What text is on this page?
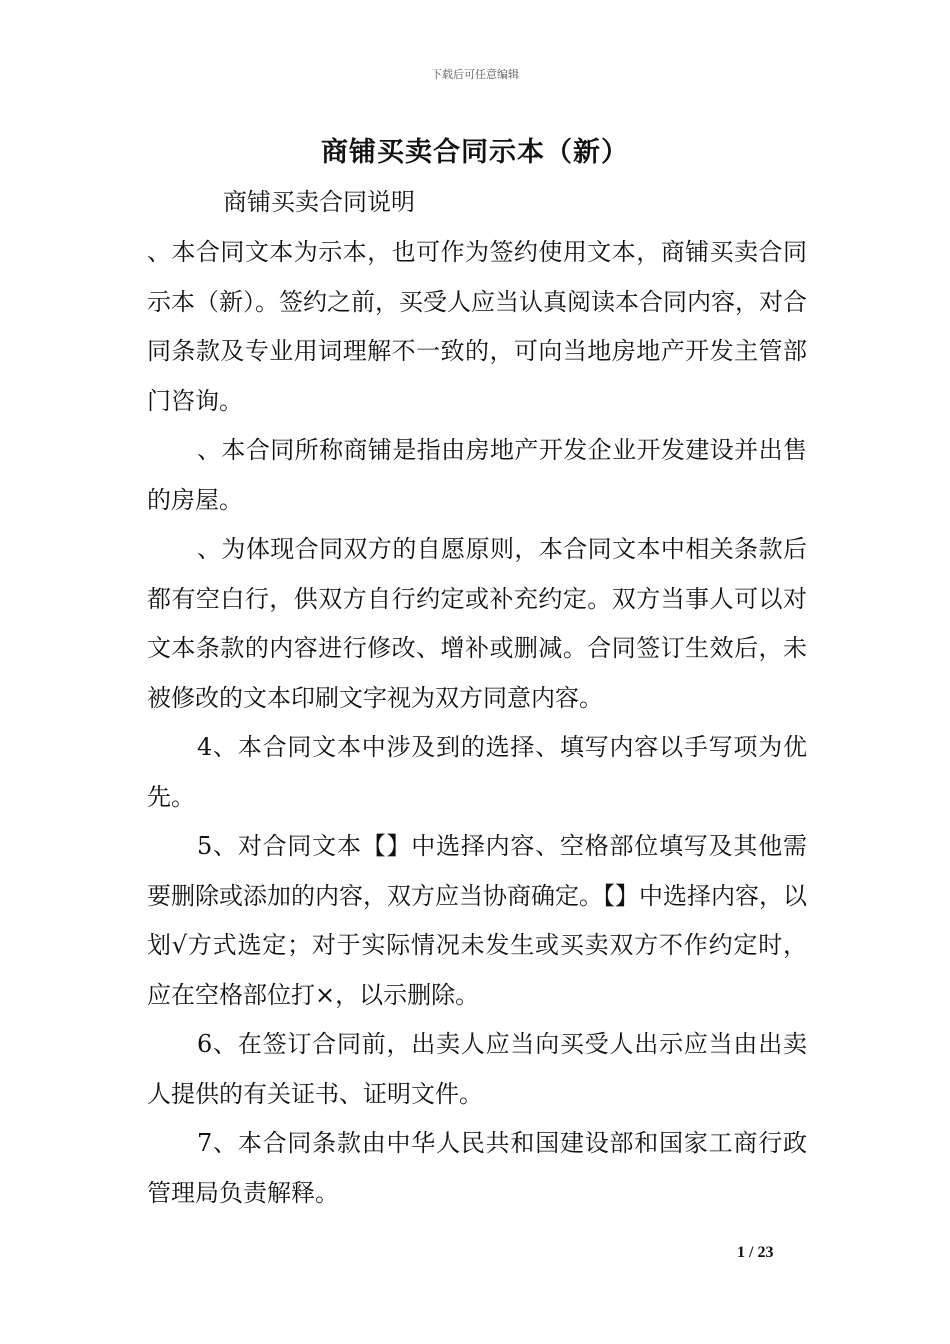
下载后可任意编辑
商铺买卖合同示本（新）
商铺买卖合同说明

、本合同文本为示本，也可作为签约使用文本，商铺买卖合同示本（新）。签约之前，买受人应当认真阅读本合同内容，对合同条款及专业用词理解不一致的，可向当地房地产开发主管部门咨询。

、本合同所称商铺是指由房地产开发企业开发建设并出售的房屋。

、为体现合同双方的自愿原则，本合同文本中相关条款后都有空白行，供双方自行约定或补充约定。双方当事人可以对文本条款的内容进行修改、增补或删减。合同签订生效后，未被修改的文本印刷文字视为双方同意内容。

4、本合同文本中涉及到的选择、填写内容以手写项为优先。

5、对合同文本【】中选择内容、空格部位填写及其他需要删除或添加的内容，双方应当协商确定。【】中选择内容，以划√方式选定；对于实际情况未发生或买卖双方不作约定时，应在空格部位打×，以示删除。

6、在签订合同前，出卖人应当向买受人出示应当由出卖人提供的有关证书、证明文件。

7、本合同条款由中华人民共和国建设部和国家工商行政管理局负责解释。

1 / 23
